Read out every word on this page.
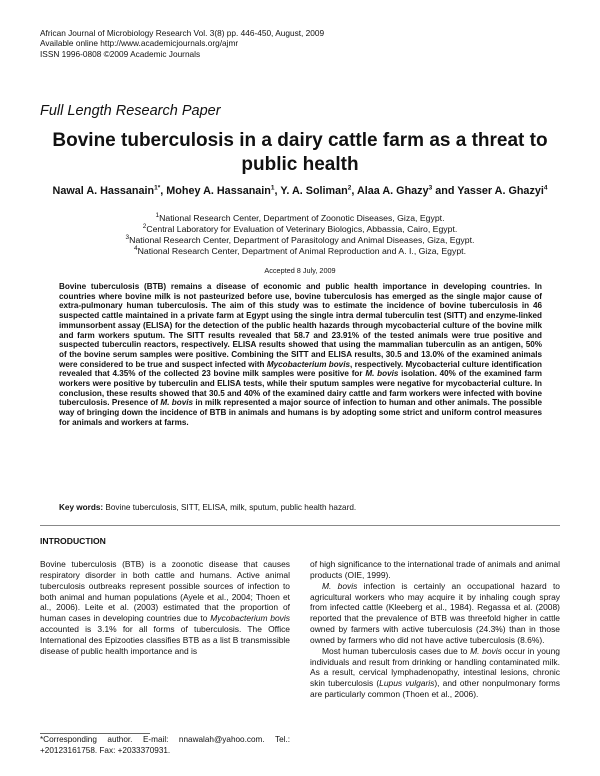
African Journal of Microbiology Research Vol. 3(8) pp. 446-450, August, 2009
Available online http://www.academicjournals.org/ajmr
ISSN 1996-0808 ©2009 Academic Journals
Full Length Research Paper
Bovine tuberculosis in a dairy cattle farm as a threat to public health
Nawal A. Hassanain$^{1*}$, Mohey A. Hassanain$^1$, Y. A. Soliman$^2$, Alaa A. Ghazy$^3$ and Yasser A. Ghazyi$^4$
$^1$National Research Center, Department of Zoonotic Diseases, Giza, Egypt.
$^2$Central Laboratory for Evaluation of Veterinary Biologics, Abbassia, Cairo, Egypt.
$^3$National Research Center, Department of Parasitology and Animal Diseases, Giza, Egypt.
$^4$National Research Center, Department of Animal Reproduction and A. I., Giza, Egypt.
Accepted 8 July, 2009
Bovine tuberculosis (BTB) remains a disease of economic and public health importance in developing countries. In countries where bovine milk is not pasteurized before use, bovine tuberculosis has emerged as the single major cause of extra-pulmonary human tuberculosis. The aim of this study was to estimate the incidence of bovine tuberculosis in 46 suspected cattle maintained in a private farm at Egypt using the single intra dermal tuberculin test (SITT) and enzyme-linked immunsorbent assay (ELISA) for the detection of the public health hazards through mycobacterial culture of the bovine milk and farm workers sputum. The SITT results revealed that 58.7 and 23.91% of the tested animals were true positive and suspected tuberculin reactors, respectively. ELISA results showed that using the mammalian tuberculin as an antigen, 50% of the bovine serum samples were positive. Combining the SITT and ELISA results, 30.5 and 13.0% of the examined animals were considered to be true and suspect infected with Mycobacterium bovis, respectively. Mycobacterial culture identification revealed that 4.35% of the collected 23 bovine milk samples were positive for M. bovis isolation. 40% of the examined farm workers were positive by tuberculin and ELISA tests, while their sputum samples were negative for mycobacterial culture. In conclusion, these results showed that 30.5 and 40% of the examined dairy cattle and farm workers were infected with bovine tuberculosis. Presence of M. bovis in milk represented a major source of infection to human and other animals. The possible way of bringing down the incidence of BTB in animals and humans is by adopting some strict and uniform control measures for animals and workers at farms.
Key words: Bovine tuberculosis, SITT, ELISA, milk, sputum, public health hazard.
INTRODUCTION

Bovine tuberculosis (BTB) is a zoonotic disease that causes respiratory disorder in both cattle and humans. Active animal tuberculosis outbreaks represent possible sources of infection to both animal and human populations (Ayele et al., 2004; Thoen et al., 2006). Leite et al. (2003) estimated that the proportion of human cases in developing countries due to Mycobacterium bovis accounted is 3.1% for all forms of tuberculosis. The Office International des Epizooties classifies BTB as a list B transmissible disease of public health importance and is

of high significance to the international trade of animals and animal products (OIE, 1999).

M. bovis infection is certainly an occupational hazard to agricultural workers who may acquire it by inhaling cough spray from infected cattle (Kleeberg et al., 1984). Regassa et al. (2008) reported that the prevalence of BTB was threefold higher in cattle owned by farmers with active tuberculosis (24.3%) than in those owned by farmers who did not have active tuberculosis (8.6%).

Most human tuberculosis cases due to M. bovis occur in young individuals and result from drinking or handling contaminated milk. As a result, cervical lymphadenopathy, intestinal lesions, chronic skin tuberculosis (Lupus vulgaris), and other nonpulmonary forms are particularly common (Thoen et al., 2006).

*Corresponding author. E-mail: nnawalah@yahoo.com. Tel.: +20123161758. Fax: +2033370931.
